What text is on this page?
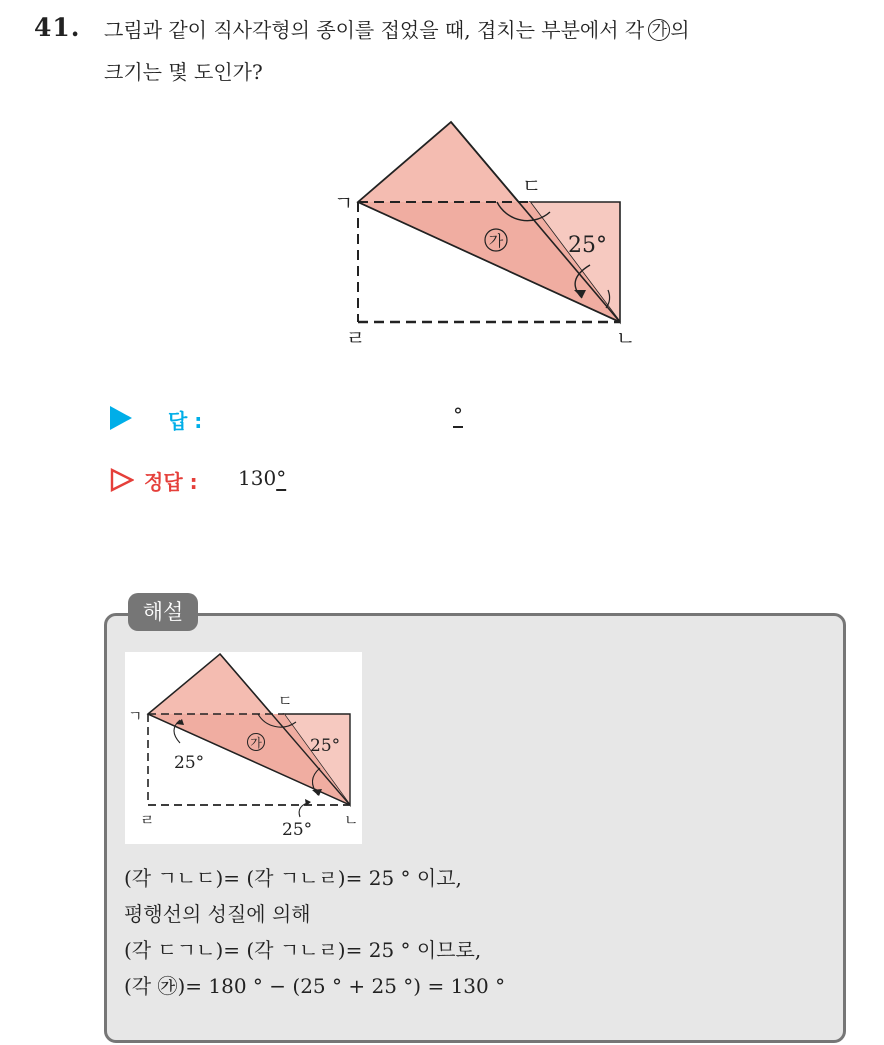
41. 그림과 같이 직사각형의 종이를 접었을 때, 겹치는 부분에서 각 가 의
크기는 몇 도인가?
ㄱ
ㄷ
ㄹ	ㄴ
가	25°
답 :	°
정답 : 130°
해설
ㄱ
ㄷ
ㄹ	ㄴ
가
25°
25°
25°
(각 ㄱㄴㄷ)= (각 ㄱㄴㄹ)= 25 ° 이고,
평행선의 성질에 의해
(각 ㄷㄱㄴ)= (각 ㄱㄴㄹ)= 25 ° 이므로,
(각 ㉮)= 180 ° − (25 ° + 25 °) = 130 °
